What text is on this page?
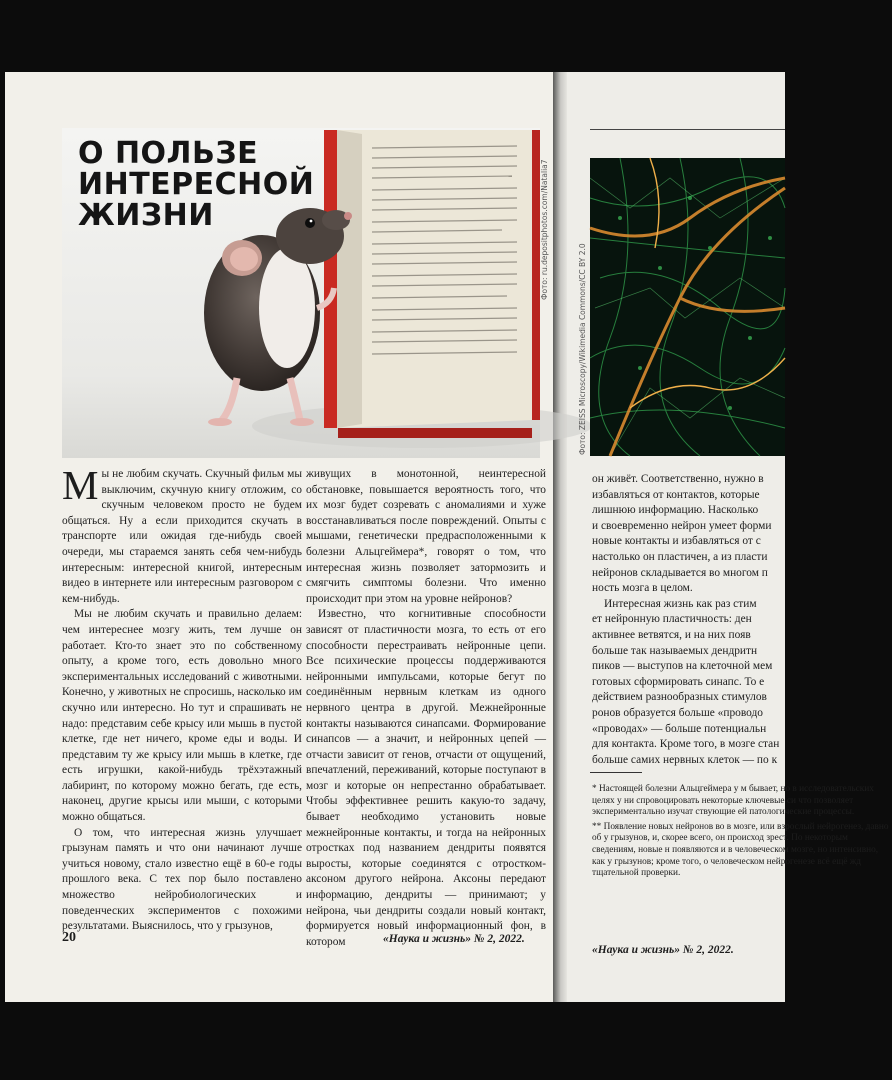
О ПОЛЬЗЕ
ИНТЕРЕСНОЙ
ЖИЗНИ	Фото: ru.depositphotos.com/Natalia7

Мы не любим скучать. Скучный фильм мы выключим, скучную книгу отложим, со скучным человеком просто не будем общаться. Ну а если приходится скучать в транспорте или ожидая где-нибудь своей очереди, мы стараемся занять себя чем-нибудь интересным: интересной книгой, интересным видео в интернете или интересным разговором с кем-нибудь.

Мы не любим скучать и правильно делаем: чем интереснее мозгу жить, тем лучше он работает. Кто-то знает это по собственному опыту, а кроме того, есть довольно много экспериментальных исследований с животными. Конечно, у животных не спросишь, насколько им скучно или интересно. Но тут и спрашивать не надо: представим себе крысу или мышь в пустой клетке, где нет ничего, кроме еды и воды. И представим ту же крысу или мышь в клетке, где есть игрушки, какой-нибудь трёхэтажный лабиринт, по которому можно бегать, где есть, наконец, другие крысы или мыши, с которыми можно общаться.

О том, что интересная жизнь улучшает грызунам память и что они начинают лучше учиться новому, стало известно ещё в 60-е годы прошлого века. С тех пор было поставлено множество нейробиологических и поведенческих экспериментов с похожими результатами. Выяснилось, что у грызунов,

живущих в монотонной, неинтересной обстановке, повышается вероятность того, что их мозг будет созревать с аномалиями и хуже восстанавливаться после повреждений. Опыты с мышами, генетически предрасположенными к болезни Альцгеймера*, говорят о том, что интересная жизнь позволяет затормозить и смягчить симптомы болезни. Что именно происходит при этом на уровне нейронов?

Известно, что когнитивные способности зависят от пластичности мозга, то есть от его способности перестраивать нейронные цепи. Все психические процессы поддерживаются нейронными импульсами, которые бегут по соединённым нервным клеткам из одного нервного центра в другой. Межнейронные контакты называются синапсами. Формирование синапсов — а значит, и нейронных цепей — отчасти зависит от генов, отчасти от ощущений, впечатлений, переживаний, которые поступают в мозг и которые он непрестанно обрабатывает. Чтобы эффективнее решить какую-то задачу, бывает необходимо установить новые межнейронные контакты, и тогда на нейронных отростках под названием дендриты появятся выросты, которые соединятся с отростком-аксоном другого нейрона. Аксоны передают информацию, дендриты — принимают; у нейрона, чьи дендриты создали новый контакт, формируется новый информационный фон, в котором

20	«Наука и жизнь» № 2, 2022.
Фото: ZEISS Microscopy/Wikimedia Commons/CC BY 2.0

он живёт. Соответственно, нужно в

избавляться от контактов, которые

лишнюю информацию. Насколько

и своевременно нейрон умеет форми

новые контакты и избавляться от с

настолько он пластичен, а из пласти

нейронов складывается во многом п

ность мозга в целом.

Интересная жизнь как раз стим

ет нейронную пластичность: ден

активнее ветвятся, и на них появ

больше так называемых дендритн

пиков — выступов на клеточной мем

готовых сформировать синапс. То е

действием разнообразных стимулов

ронов образуется больше «проводо

«проводах» — больше потенциальн

для контакта. Кроме того, в мозге стан

больше самих нервных клеток — по к

* Настоящей болезни Альцгеймера у м бывает, но в исследовательских целях у ни спровоцировать некоторые ключевые си что позволяет экспериментально изучат ствующие ей патологические процессы.

** Появление новых нейронов во в мозге, или взрослый нейрогенез, давно об у грызунов, и, скорее всего, он происход зрест. По некоторым сведениям, новые н появляются и в человеческом мозге, но интенсивно, как у грызунов; кроме того, о человеческом нейрогенезе всё ещё жд тщательной проверки.

«Наука и жизнь» № 2, 2022.
